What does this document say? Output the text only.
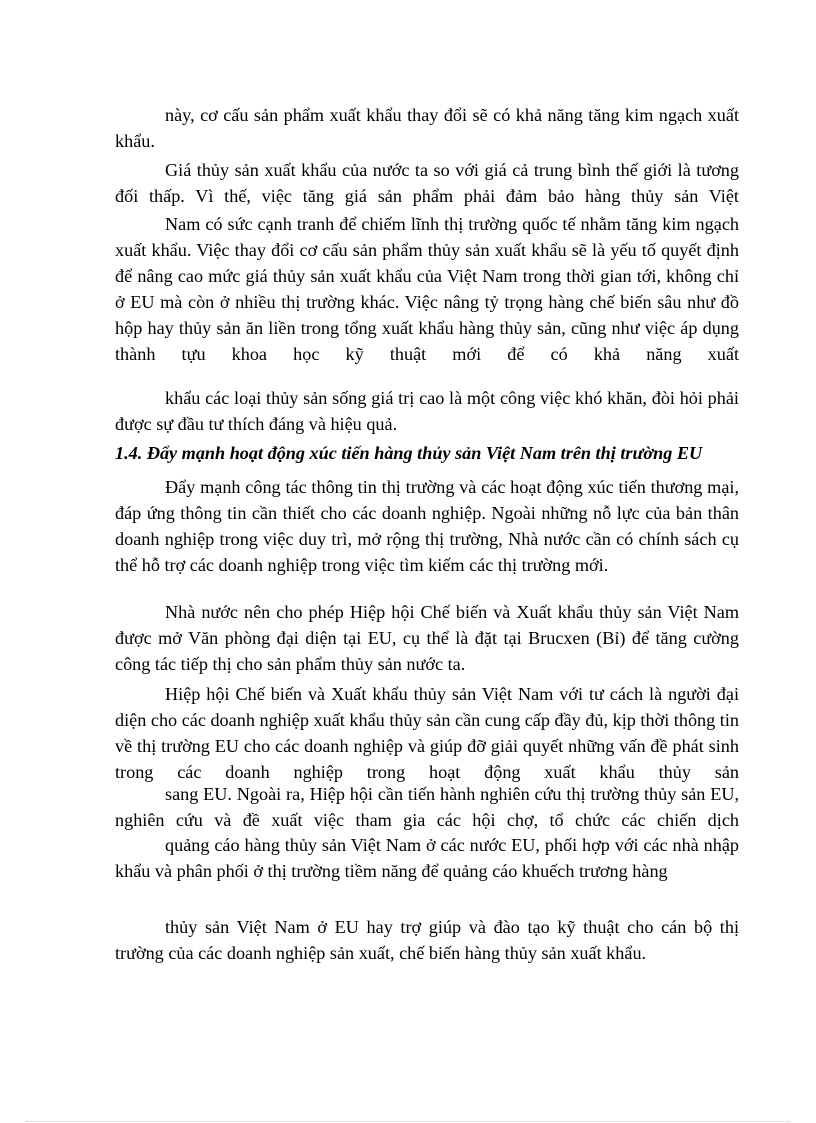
này, cơ cấu sản phẩm xuất khẩu thay đổi sẽ có khả năng tăng kim ngạch xuất khẩu.

Giá thủy sản xuất khẩu của nước ta so với giá cả trung bình thế giới là tương đối thấp. Vì thế, việc tăng giá sản phẩm phải đảm bảo hàng thủy sản Việt

Nam có sức cạnh tranh để chiếm lĩnh thị trường quốc tế nhằm tăng kim ngạch xuất khẩu. Việc thay đổi cơ cấu sản phẩm thủy sản xuất khẩu sẽ là yếu tố quyết định để nâng cao mức giá thủy sản xuất khẩu của Việt Nam trong thời gian tới, không chỉ ở EU mà còn ở nhiều thị trường khác. Việc nâng tỷ trọng hàng chế biến sâu như đồ hộp hay thủy sản ăn liền trong tổng xuất khẩu hàng thủy sản, cũng như việc áp dụng thành tựu khoa học kỹ thuật mới để có khả năng xuất

khẩu các loại thủy sản sống giá trị cao là một công việc khó khăn, đòi hỏi phải được sự đầu tư thích đáng và hiệu quả.

1.4. Đẩy mạnh hoạt động xúc tiến hàng thủy sản Việt Nam trên thị trường EU

Đẩy mạnh công tác thông tin thị trường và các hoạt động xúc tiến thương mại, đáp ứng thông tin cần thiết cho các doanh nghiệp. Ngoài những nỗ lực của bản thân doanh nghiệp trong việc duy trì, mở rộng thị trường, Nhà nước cần có chính sách cụ thể hỗ trợ các doanh nghiệp trong việc tìm kiếm các thị trường mới.

Nhà nước nên cho phép Hiệp hội Chế biến và Xuất khẩu thủy sản Việt Nam được mở Văn phòng đại diện tại EU, cụ thể là đặt tại Brucxen (Bỉ) để tăng cường công tác tiếp thị cho sản phẩm thủy sản nước ta.

Hiệp hội Chế biến và Xuất khẩu thủy sản Việt Nam với tư cách là người đại diện cho các doanh nghiệp xuất khẩu thủy sản cần cung cấp đầy đủ, kịp thời thông tin về thị trường EU cho các doanh nghiệp và giúp đỡ giải quyết những vấn đề phát sinh trong các doanh nghiệp trong hoạt động xuất khẩu thủy sản

sang EU. Ngoài ra, Hiệp hội cần tiến hành nghiên cứu thị trường thủy sản EU, nghiên cứu và đề xuất việc tham gia các hội chợ, tổ chức các chiến dịch

quảng cáo hàng thủy sản Việt Nam ở các nước EU, phối hợp với các nhà nhập khẩu và phân phối ở thị trường tiềm năng để quảng cáo khuếch trương hàng

thủy sản Việt Nam ở EU hay trợ giúp và đào tạo kỹ thuật cho cán bộ thị trường của các doanh nghiệp sản xuất, chế biến hàng thủy sản xuất khẩu.
